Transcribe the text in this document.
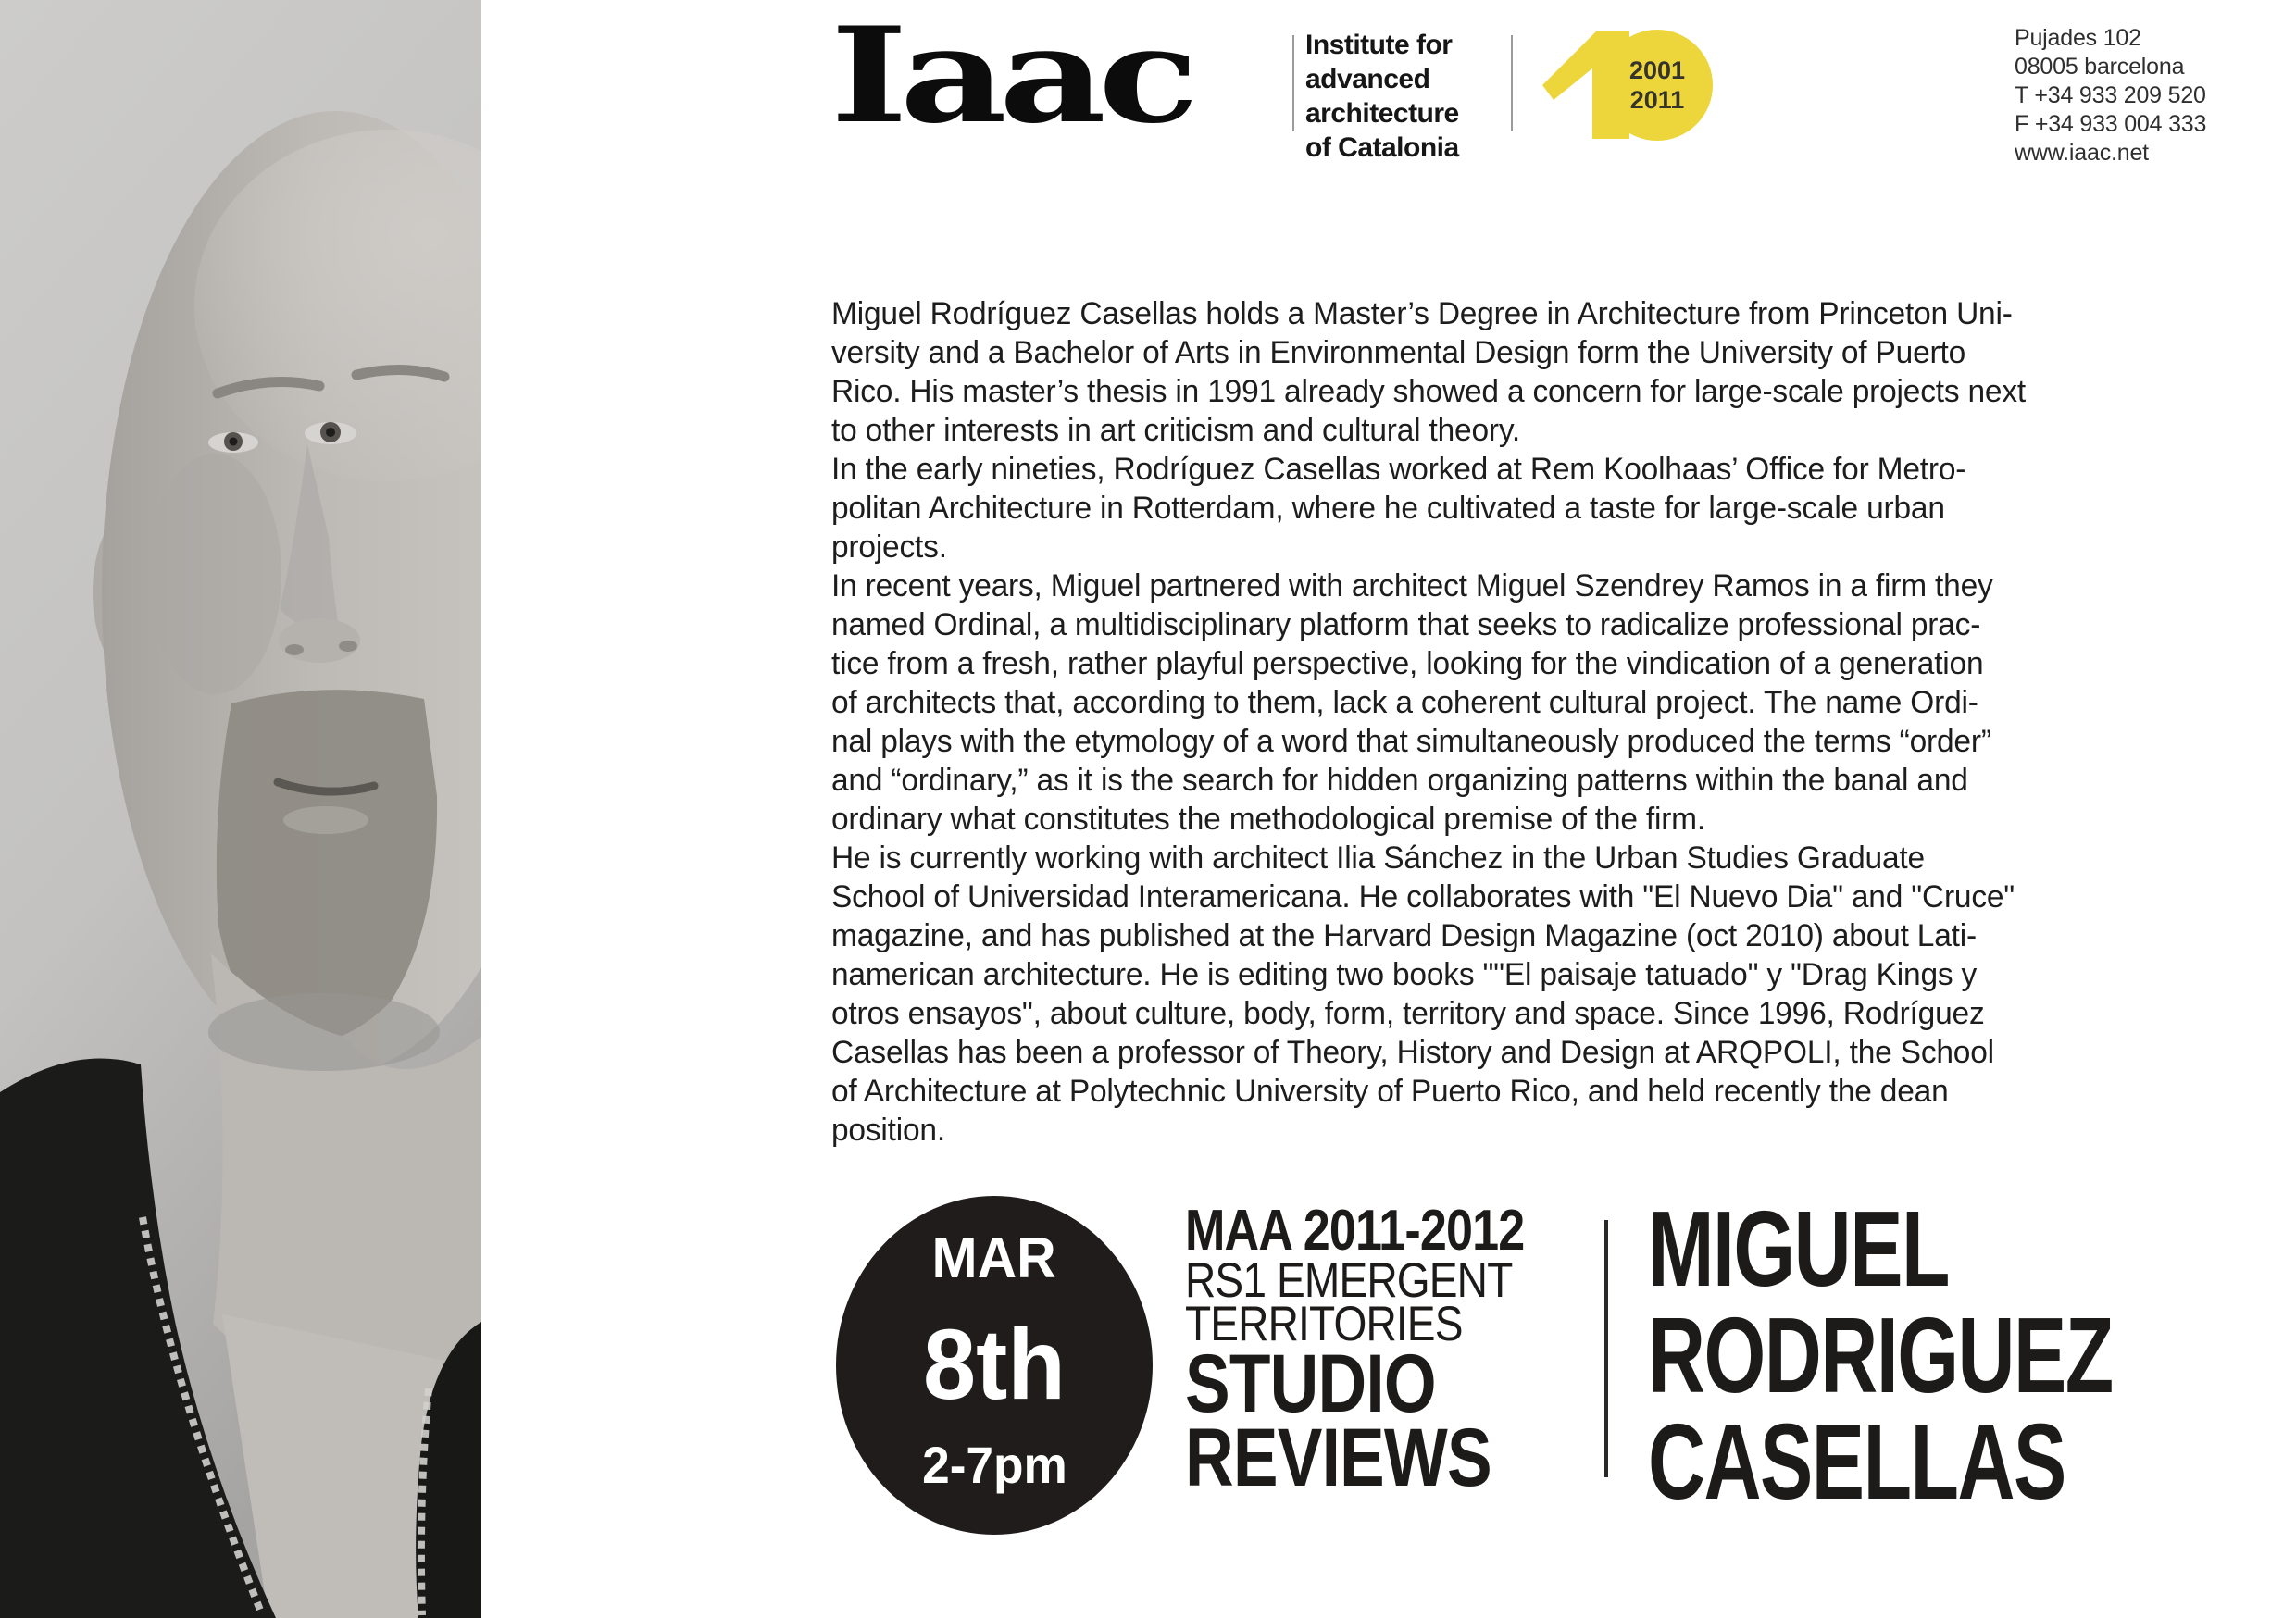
Iaac	Institute for
advanced
architecture
of Catalonia
2001
2011
Pujades 102
08005 barcelona
T +34 933 209 520
F +34 933 004 333
www.iaac.net
Miguel Rodríguez Casellas holds a Master’s Degree in Architecture from Princeton Uni-
versity and a Bachelor of Arts in Environmental Design form the University of Puerto
Rico. His master’s thesis in 1991 already showed a concern for large-scale projects next
to other interests in art criticism and cultural theory.
In the early nineties, Rodríguez Casellas worked at Rem Koolhaas’ Office for Metro-
politan Architecture in Rotterdam, where he cultivated a taste for large-scale urban
projects.
In recent years, Miguel partnered with architect Miguel Szendrey Ramos in a firm they
named Ordinal, a multidisciplinary platform that seeks to radicalize professional prac-
tice from a fresh, rather playful perspective, looking for the vindication of a generation
of architects that, according to them, lack a coherent cultural project. The name Ordi-
nal plays with the etymology of a word that simultaneously produced the terms “order”
and “ordinary,” as it is the search for hidden organizing patterns within the banal and
ordinary what constitutes the methodological premise of the firm.
He is currently working with architect Ilia Sánchez in the Urban Studies Graduate
School of Universidad Interamericana. He collaborates with "El Nuevo Dia" and "Cruce"
magazine, and has published at the Harvard Design Magazine (oct 2010) about Lati-
namerican architecture. He is editing two books ""El paisaje tatuado" y "Drag Kings y
otros ensayos", about culture, body, form, territory and space. Since 1996, Rodríguez
Casellas has been a professor of Theory, History and Design at ARQPOLI, the School
of Architecture at Polytechnic University of Puerto Rico, and held recently the dean
position.
MAR
8th
2-7pm
MAA 2011-2012
RS1 EMERGENT
TERRITORIES
STUDIO
REVIEWS
MIGUEL
RODRIGUEZ
CASELLAS
